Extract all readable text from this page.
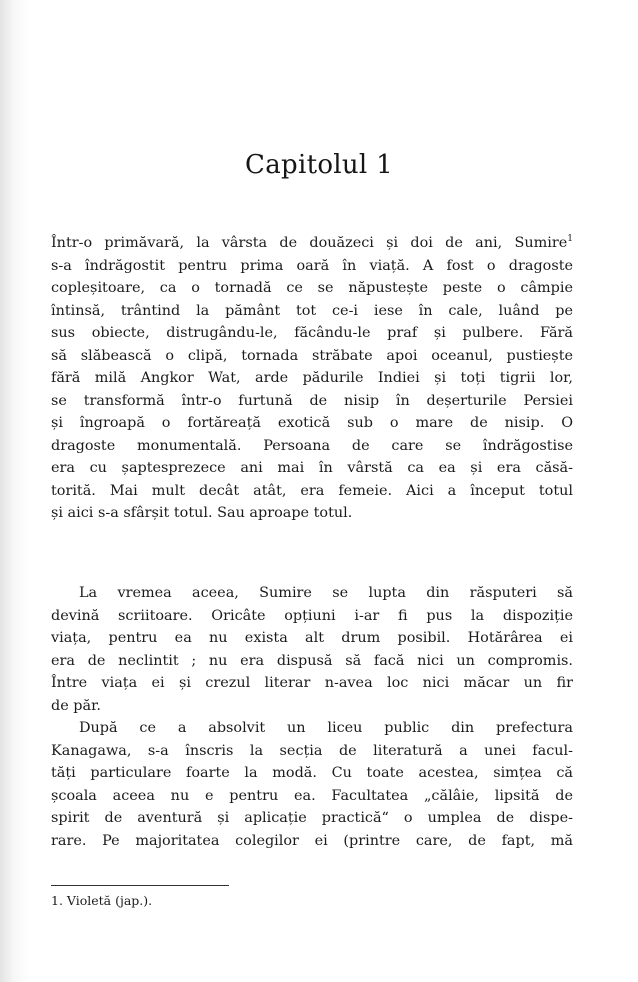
Capitolul 1

Într-o primăvară, la vârsta de douăzeci și doi de ani, Sumire$^1$

s-a îndrăgostit pentru prima oară în viață. A fost o dragoste

copleșitoare, ca o tornadă ce se năpustește peste o câmpie

întinsă, trântind la pământ tot ce-i iese în cale, luând pe

sus obiecte, distrugându-le, făcându-le praf și pulbere. Fără

să slăbească o clipă, tornada străbate apoi oceanul, pustiește

fără milă Angkor Wat, arde pădurile Indiei și toți tigrii lor,

se transformă într-o furtună de nisip în deșerturile Persiei

și îngroapă o fortăreață exotică sub o mare de nisip. O

dragoste monumentală. Persoana de care se îndrăgostise

era cu șaptesprezece ani mai în vârstă ca ea și era căsă-

torită. Mai mult decât atât, era femeie. Aici a început totul

și aici s-a sfârșit totul. Sau aproape totul.

La vremea aceea, Sumire se lupta din răsputeri să

devină scriitoare. Oricâte opțiuni i-ar fi pus la dispoziție

viața, pentru ea nu exista alt drum posibil. Hotărârea ei

era de neclintit ; nu era dispusă să facă nici un compromis.

Între viața ei și crezul literar n-avea loc nici măcar un fir

de păr.

După ce a absolvit un liceu public din prefectura

Kanagawa, s-a înscris la secția de literatură a unei facul-

tăți particulare foarte la modă. Cu toate acestea, simțea că

școala aceea nu e pentru ea. Facultatea „călâie, lipsită de

spirit de aventură și aplicație practică“ o umplea de dispe-

rare. Pe majoritatea colegilor ei (printre care, de fapt, mă

1. Violetă (jap.).
